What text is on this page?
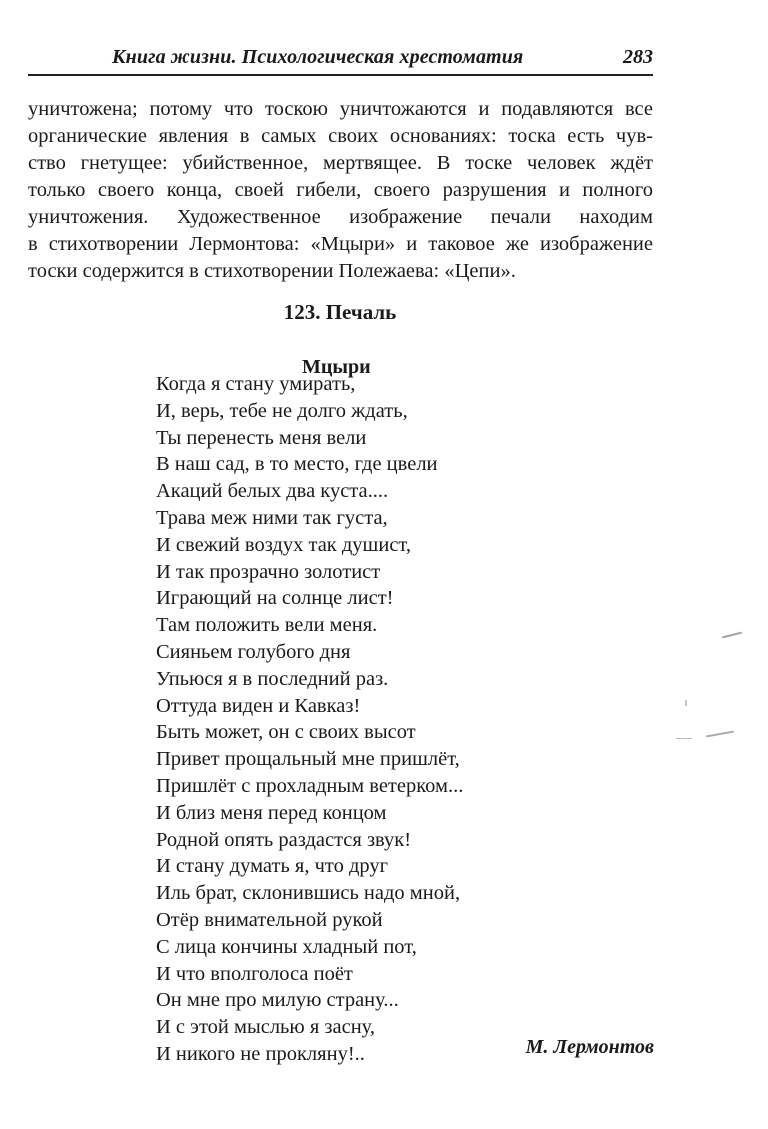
Книга жизни. Психологическая хрестоматия	283
уничтожена; потому что тоскою уничтожаются и подавляются все
органические явления в самых своих основаниях: тоска есть чув-
ство гнетущее: убийственное, мертвящее. В тоске человек ждёт
только своего конца, своей гибели, своего разрушения и полного
уничтожения. Художественное изображение печали находим
в стихотворении Лермонтова: «Мцыри» и таковое же изображение
тоски содержится в стихотворении Полежаева: «Цепи».
123. Печаль
Мцыри
Когда я стану умирать,
И, верь, тебе не долго ждать,
Ты перенесть меня вели
В наш сад, в то место, где цвели
Акаций белых два куста....
Трава меж ними так густа,
И свежий воздух так душист,
И так прозрачно золотист
Играющий на солнце лист!
Там положить вели меня.
Сияньем голубого дня
Упьюся я в последний раз.
Оттуда виден и Кавказ!
Быть может, он с своих высот
Привет прощальный мне пришлёт,
Пришлёт с прохладным ветерком...
И близ меня перед концом
Родной опять раздастся звук!
И стану думать я, что друг
Иль брат, склонившись надо мной,
Отёр внимательной рукой
С лица кончины хладный пот,
И что вполголоса поёт
Он мне про милую страну...
И с этой мыслью я засну,
И никого не прокляну!..	М. Лермонтов
